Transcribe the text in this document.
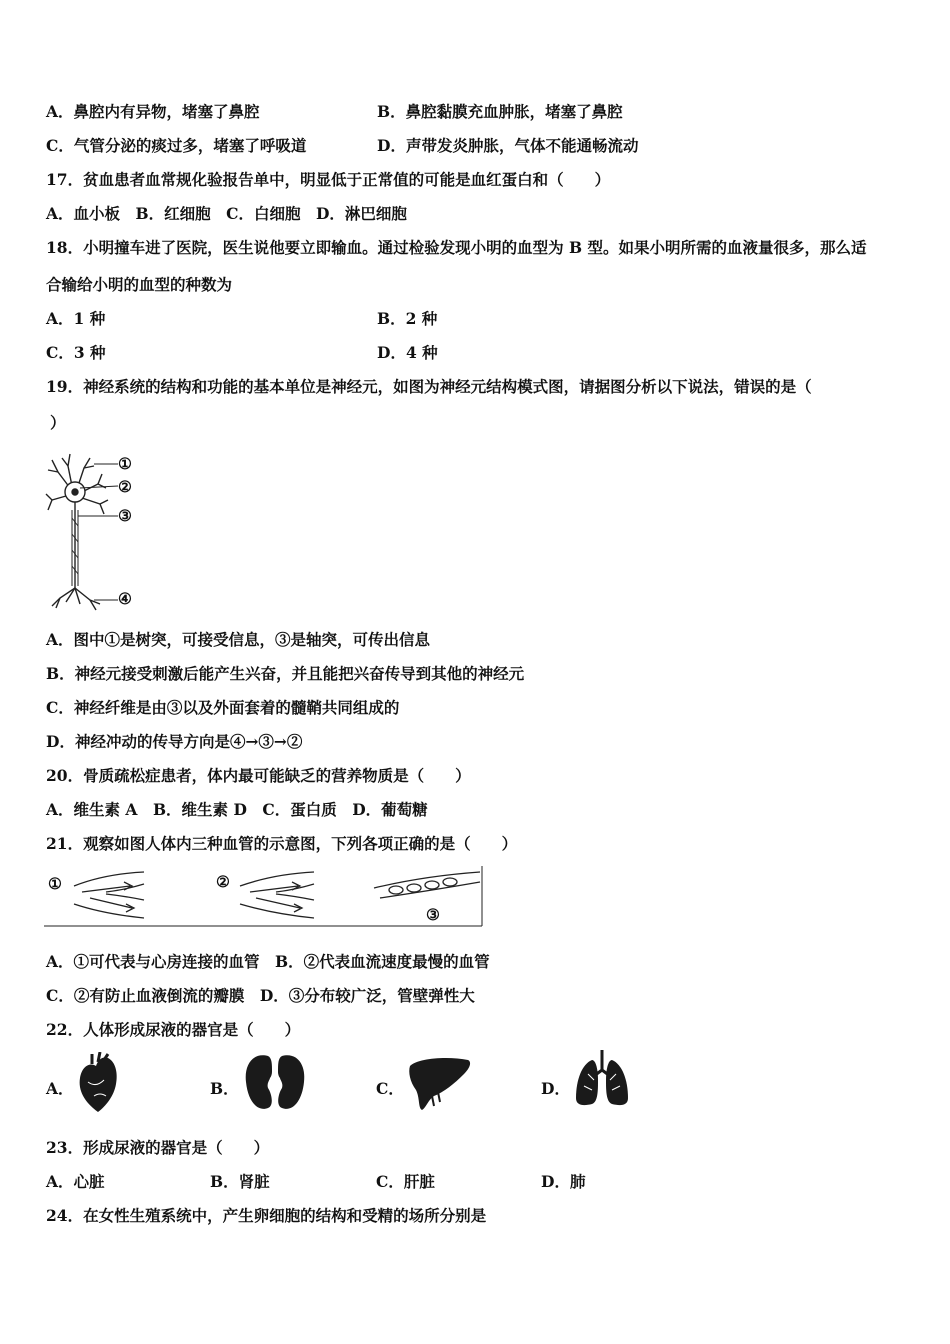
A．鼻腔内有异物，堵塞了鼻腔	B．鼻腔黏膜充血肿胀，堵塞了鼻腔
C．气管分泌的痰过多，堵塞了呼吸道	D．声带发炎肿胀，气体不能通畅流动
17．贫血患者血常规化验报告单中，明显低于正常值的可能是血红蛋白和（　　）
A．血小板　B．红细胞　C．白细胞　D．淋巴细胞
18．小明撞车进了医院，医生说他要立即输血。通过检验发现小明的血型为 B 型。如果小明所需的血液量很多，那么适
合输给小明的血型的种数为
A．1 种	B．2 种
C．3 种	D．4 种
19．神经系统的结构和功能的基本单位是神经元，如图为神经元结构模式图，请据图分析以下说法，错误的是（
）
①
②
③
④
A．图中①是树突，可接受信息，③是轴突，可传出信息
B．神经元接受刺激后能产生兴奋，并且能把兴奋传导到其他的神经元
C．神经纤维是由③以及外面套着的髓鞘共同组成的
D．神经冲动的传导方向是④→③→②
20．骨质疏松症患者，体内最可能缺乏的营养物质是（　　）
A．维生素 A　B．维生素 D　C．蛋白质　D．葡萄糖
21．观察如图人体内三种血管的示意图，下列各项正确的是（　　）
①	②
③
A．①可代表与心房连接的血管　B．②代表血流速度最慢的血管
C．②有防止血液倒流的瓣膜　D．③分布较广泛，管壁弹性大
22．人体形成尿液的器官是（　　）
A．	B．	C．	D．
23．形成尿液的器官是（　　）
A．心脏	B．肾脏	C．肝脏	D．肺
24．在女性生殖系统中，产生卵细胞的结构和受精的场所分别是
